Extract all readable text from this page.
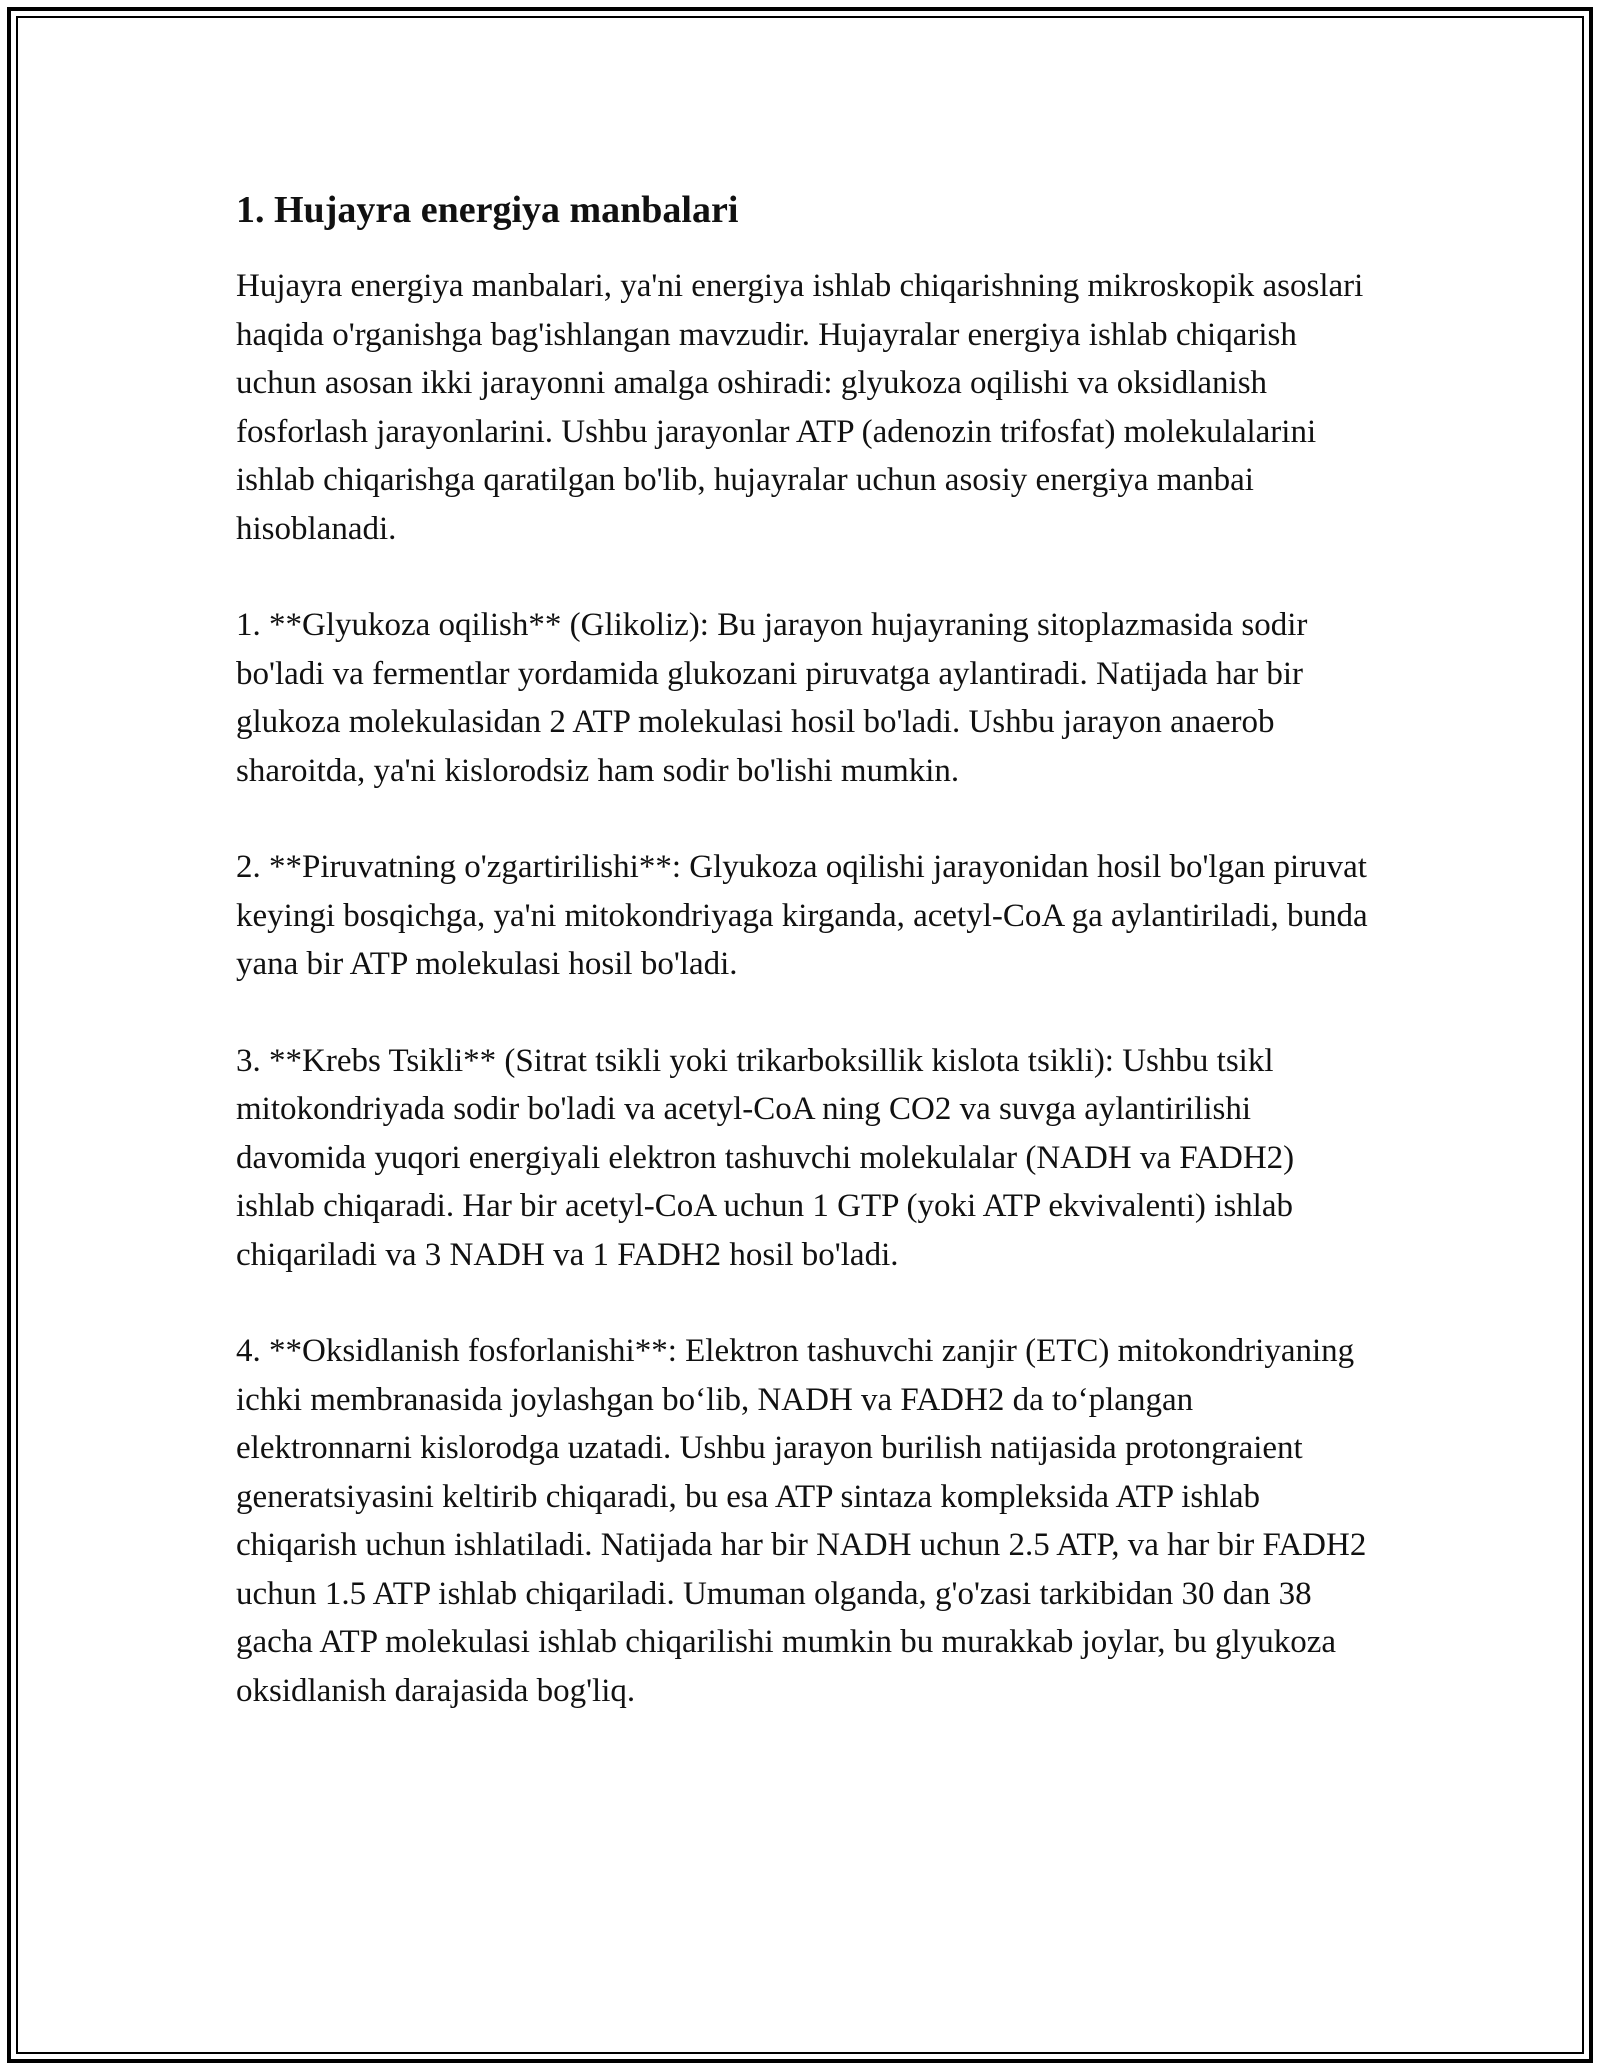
1. Hujayra energiya manbalari

Hujayra energiya manbalari, ya'ni energiya ishlab chiqarishning mikroskopik asoslari haqida o'rganishga bag'ishlangan mavzudir. Hujayralar energiya ishlab chiqarish uchun asosan ikki jarayonni amalga oshiradi: glyukoza oqilishi va oksidlanish fosforlash jarayonlarini. Ushbu jarayonlar ATP (adenozin trifosfat) molekulalarini ishlab chiqarishga qaratilgan bo'lib, hujayralar uchun asosiy energiya manbai hisoblanadi.

1. **Glyukoza oqilish** (Glikoliz): Bu jarayon hujayraning sitoplazmasida sodir bo'ladi va fermentlar yordamida glukozani piruvatga aylantiradi. Natijada har bir glukoza molekulasidan 2 ATP molekulasi hosil bo'ladi. Ushbu jarayon anaerob sharoitda, ya'ni kislorodsiz ham sodir bo'lishi mumkin.

2. **Piruvatning o'zgartirilishi**: Glyukoza oqilishi jarayonidan hosil bo'lgan piruvat keyingi bosqichga, ya'ni mitokondriyaga kirganda, acetyl-CoA ga aylantiriladi, bunda yana bir ATP molekulasi hosil bo'ladi.

3. **Krebs Tsikli** (Sitrat tsikli yoki trikarboksillik kislota tsikli): Ushbu tsikl mitokondriyada sodir bo'ladi va acetyl-CoA ning CO2 va suvga aylantirilishi davomida yuqori energiyali elektron tashuvchi molekulalar (NADH va FADH2) ishlab chiqaradi. Har bir acetyl-CoA uchun 1 GTP (yoki ATP ekvivalenti) ishlab chiqariladi va 3 NADH va 1 FADH2 hosil bo'ladi.

4. **Oksidlanish fosforlanishi**: Elektron tashuvchi zanjir (ETC) mitokondriyaning ichki membranasida joylashgan bo‘lib, NADH va FADH2 da to‘plangan elektronnarni kislorodga uzatadi. Ushbu jarayon burilish natijasida protongraient generatsiyasini keltirib chiqaradi, bu esa ATP sintaza kompleksida ATP ishlab chiqarish uchun ishlatiladi. Natijada har bir NADH uchun 2.5 ATP, va har bir FADH2 uchun 1.5 ATP ishlab chiqariladi. Umuman olganda, g'o'zasi tarkibidan 30 dan 38 gacha ATP molekulasi ishlab chiqarilishi mumkin bu murakkab joylar, bu glyukoza oksidlanish darajasida bog'liq.
